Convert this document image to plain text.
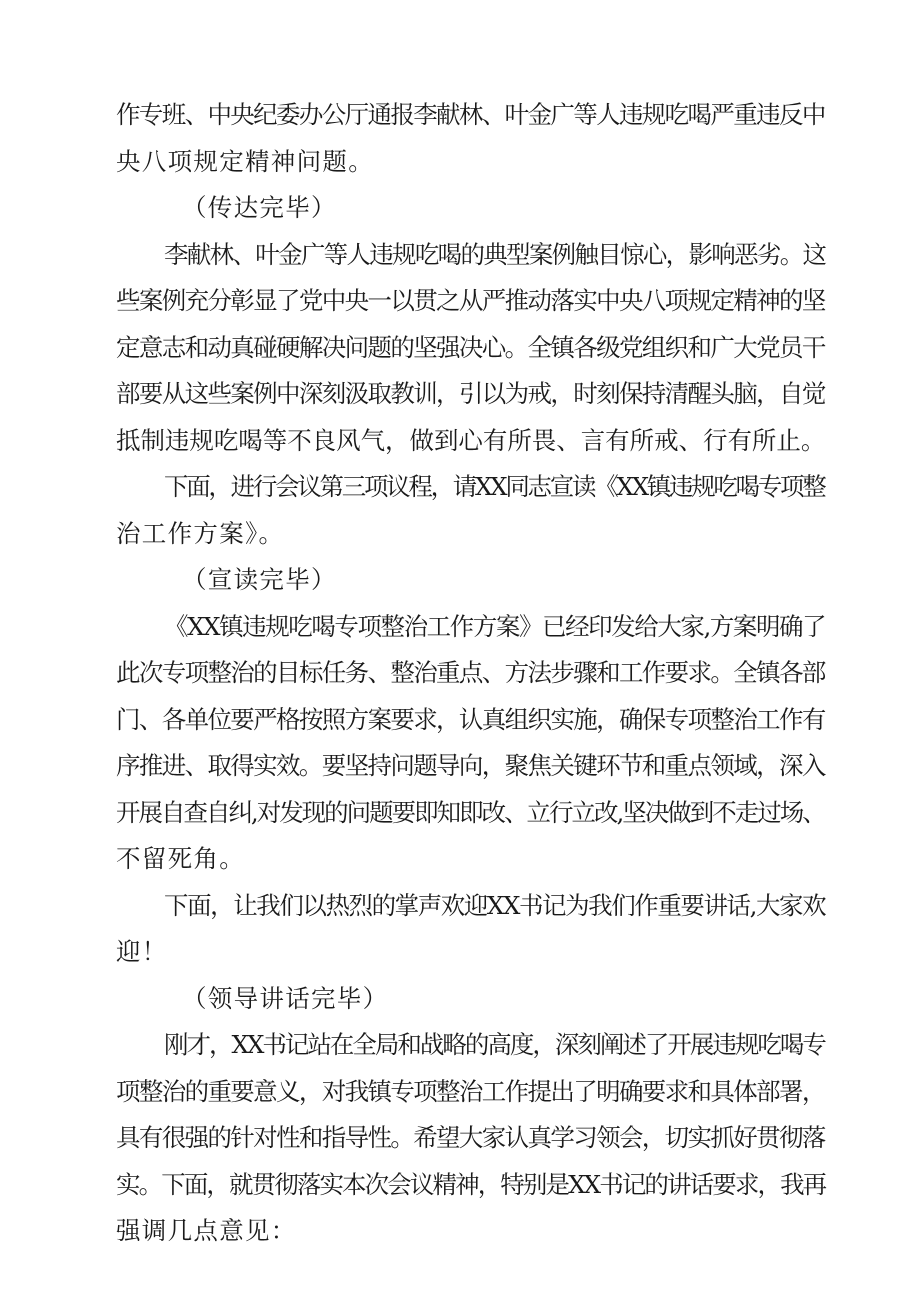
作专班、中央纪委办公厅通报李献林、叶金广等人违规吃喝严重违反中
央八项规定精神问题。
（传达完毕）
李献林、叶金广等人违规吃喝的典型案例触目惊心，影响恶劣。这
些案例充分彰显了党中央一以贯之从严推动落实中央八项规定精神的坚
定意志和动真碰硬解决问题的坚强决心。全镇各级党组织和广大党员干
部要从这些案例中深刻汲取教训，引以为戒，时刻保持清醒头脑，自觉
抵制违规吃喝等不良风气，做到心有所畏、言有所戒、行有所止。
下面，进行会议第三项议程，请XX同志宣读《XX镇违规吃喝专项整
治工作方案》。
（宣读完毕）
《XX镇违规吃喝专项整治工作方案》已经印发给大家,方案明确了
此次专项整治的目标任务、整治重点、方法步骤和工作要求。全镇各部
门、各单位要严格按照方案要求，认真组织实施，确保专项整治工作有
序推进、取得实效。要坚持问题导向，聚焦关键环节和重点领域，深入
开展自查自纠,对发现的问题要即知即改、立行立改,坚决做到不走过场、
不留死角。
下面，让我们以热烈的掌声欢迎XX书记为我们作重要讲话,大家欢
迎！
（领导讲话完毕）
刚才，XX书记站在全局和战略的高度，深刻阐述了开展违规吃喝专
项整治的重要意义，对我镇专项整治工作提出了明确要求和具体部署，
具有很强的针对性和指导性。希望大家认真学习领会，切实抓好贯彻落
实。下面，就贯彻落实本次会议精神，特别是XX书记的讲话要求，我再
强调几点意见：
